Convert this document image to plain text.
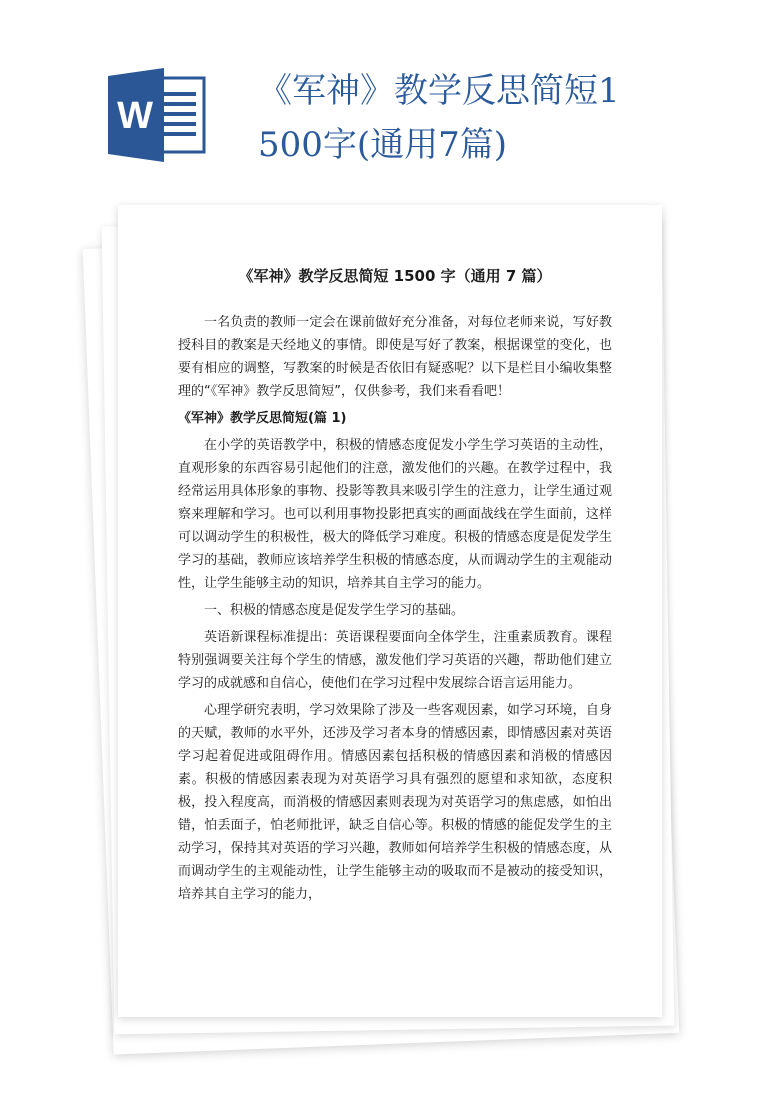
W
《军神》教学反思简短1500字(通用7篇)
《军神》教学反思简短 1500 字（通用 7 篇）

一名负责的教师一定会在课前做好充分准备，对每位老师来说，写好教授科目的教案是天经地义的事情。即使是写好了教案，根据课堂的变化，也要有相应的调整，写教案的时候是否依旧有疑惑呢？以下是栏目小编收集整理的“《军神》教学反思简短”，仅供参考，我们来看看吧！

《军神》教学反思简短(篇 1)

在小学的英语教学中，积极的情感态度促发小学生学习英语的主动性，直观形象的东西容易引起他们的注意，激发他们的兴趣。在教学过程中，我经常运用具体形象的事物、投影等教具来吸引学生的注意力，让学生通过观察来理解和学习。也可以利用事物投影把真实的画面战线在学生面前，这样可以调动学生的积极性，极大的降低学习难度。积极的情感态度是促发学生学习的基础，教师应该培养学生积极的情感态度，从而调动学生的主观能动性，让学生能够主动的知识，培养其自主学习的能力。

一、积极的情感态度是促发学生学习的基础。

英语新课程标准提出：英语课程要面向全体学生，注重素质教育。课程特别强调要关注每个学生的情感，激发他们学习英语的兴趣，帮助他们建立学习的成就感和自信心，使他们在学习过程中发展综合语言运用能力。

心理学研究表明，学习效果除了涉及一些客观因素，如学习环境，自身的天赋，教师的水平外，还涉及学习者本身的情感因素，即情感因素对英语学习起着促进或阻碍作用。情感因素包括积极的情感因素和消极的情感因素。积极的情感因素表现为对英语学习具有强烈的愿望和求知欲，态度积极，投入程度高，而消极的情感因素则表现为对英语学习的焦虑感，如怕出错，怕丢面子，怕老师批评，缺乏自信心等。积极的情感的能促发学生的主动学习，保持其对英语的学习兴趣，教师如何培养学生积极的情感态度，从而调动学生的主观能动性，让学生能够主动的吸取而不是被动的接受知识，培养其自主学习的能力，
